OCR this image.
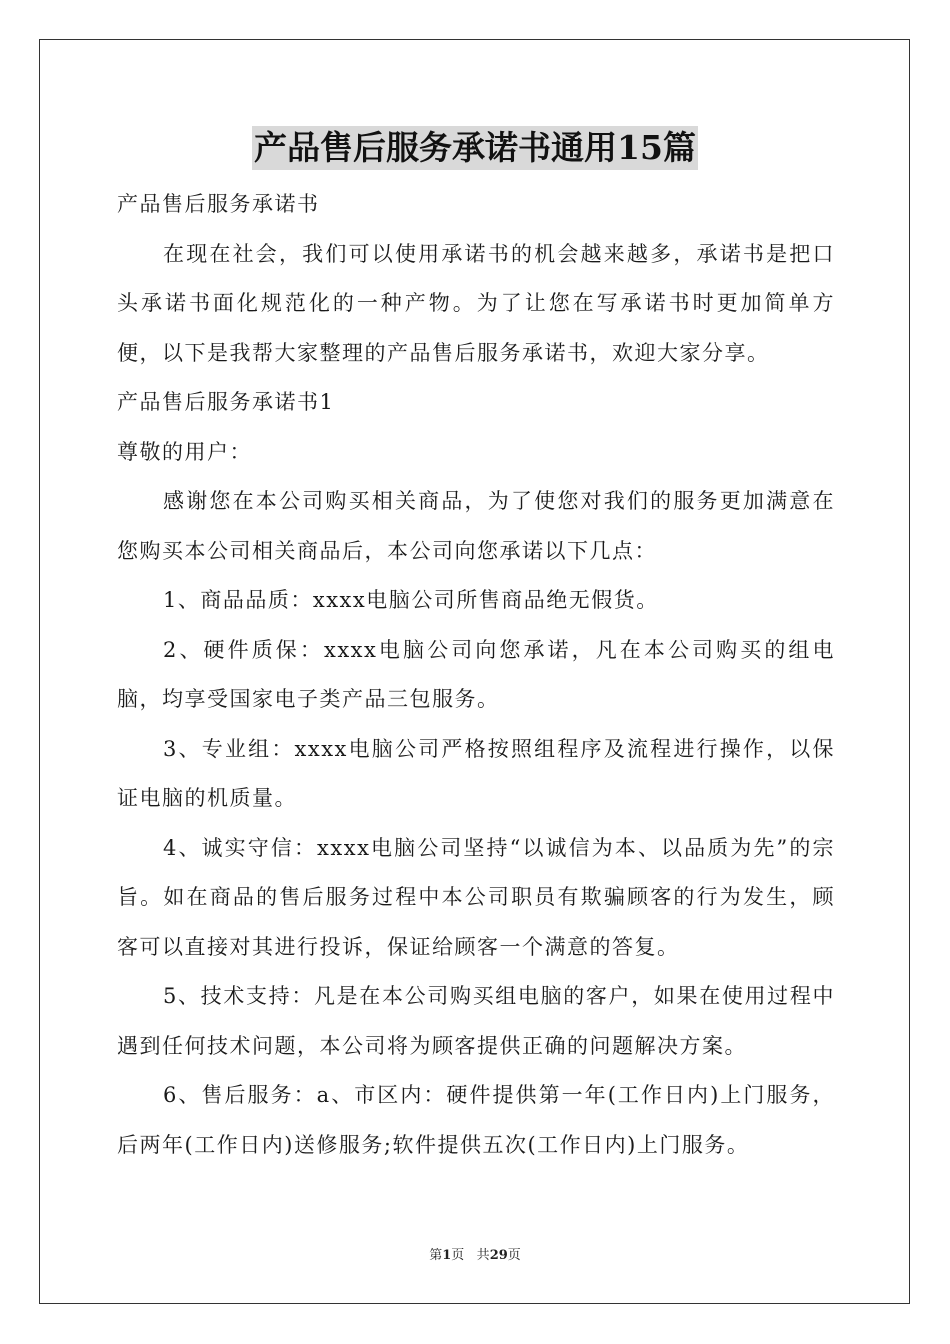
产品售后服务承诺书通用15篇

产品售后服务承诺书

在现在社会，我们可以使用承诺书的机会越来越多，承诺书是把口头承诺书面化规范化的一种产物。为了让您在写承诺书时更加简单方便，以下是我帮大家整理的产品售后服务承诺书，欢迎大家分享。

产品售后服务承诺书1

尊敬的用户：

感谢您在本公司购买相关商品，为了使您对我们的服务更加满意在您购买本公司相关商品后，本公司向您承诺以下几点：

1、商品品质：xxxx电脑公司所售商品绝无假货。

2、硬件质保：xxxx电脑公司向您承诺，凡在本公司购买的组电脑，均享受国家电子类产品三包服务。

3、专业组：xxxx电脑公司严格按照组程序及流程进行操作，以保证电脑的机质量。

4、诚实守信：xxxx电脑公司坚持“以诚信为本、以品质为先”的宗旨。如在商品的售后服务过程中本公司职员有欺骗顾客的行为发生，顾客可以直接对其进行投诉，保证给顾客一个满意的答复。

5、技术支持：凡是在本公司购买组电脑的客户，如果在使用过程中遇到任何技术问题，本公司将为顾客提供正确的问题解决方案。

6、售后服务：a、市区内：硬件提供第一年(工作日内)上门服务，后两年(工作日内)送修服务;软件提供五次(工作日内)上门服务。

第1页 共29页
